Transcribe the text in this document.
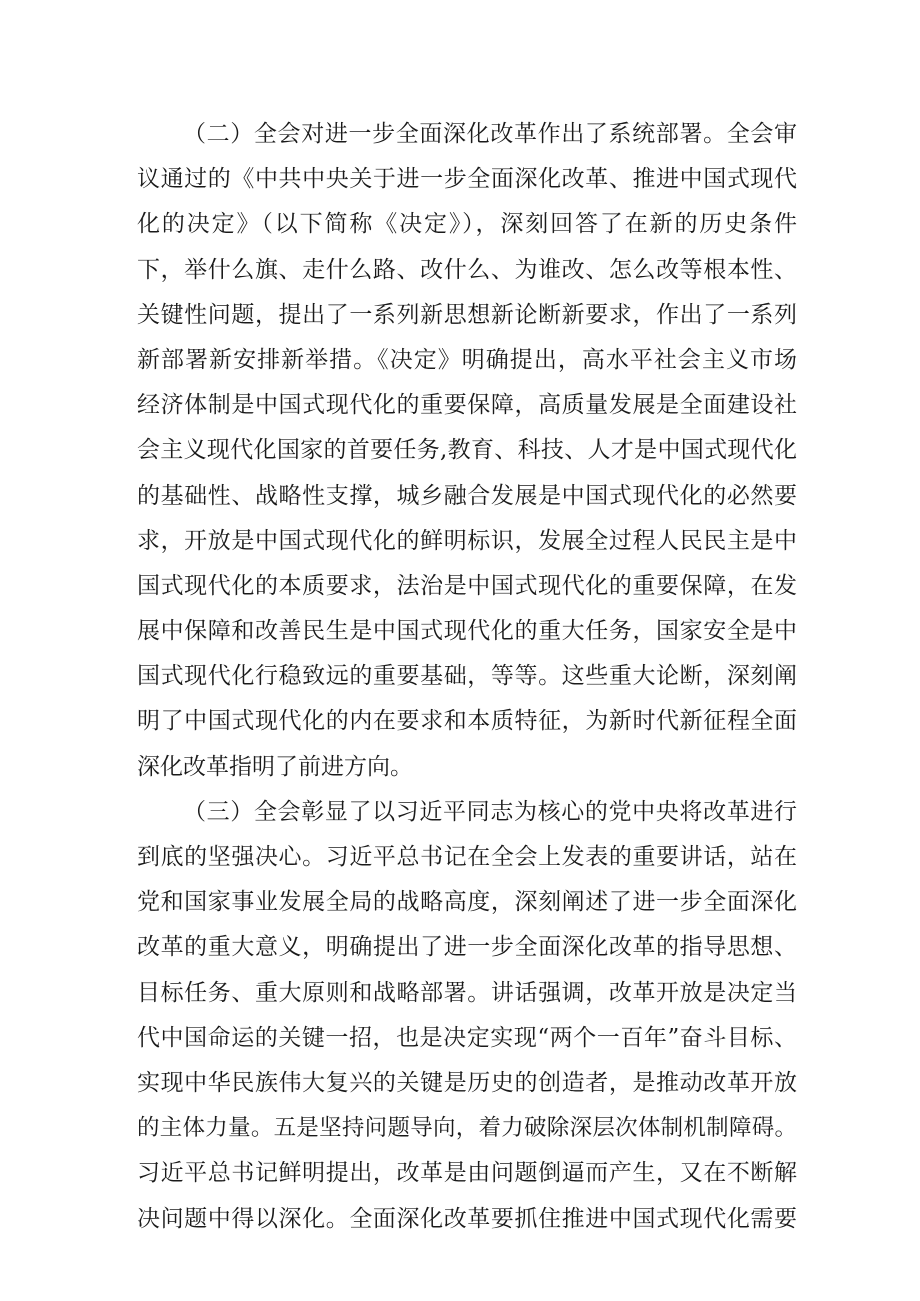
（二）全会对进一步全面深化改革作出了系统部署。全会审
议通过的《中共中央关于进一步全面深化改革、推进中国式现代
化的决定》（以下简称《决定》），深刻回答了在新的历史条件
下，举什么旗、走什么路、改什么、为谁改、怎么改等根本性、
关键性问题，提出了一系列新思想新论断新要求，作出了一系列
新部署新安排新举措。《决定》明确提出，高水平社会主义市场
经济体制是中国式现代化的重要保障，高质量发展是全面建设社
会主义现代化国家的首要任务,教育、科技、人才是中国式现代化
的基础性、战略性支撑，城乡融合发展是中国式现代化的必然要
求，开放是中国式现代化的鲜明标识，发展全过程人民民主是中
国式现代化的本质要求，法治是中国式现代化的重要保障，在发
展中保障和改善民生是中国式现代化的重大任务，国家安全是中
国式现代化行稳致远的重要基础，等等。这些重大论断，深刻阐
明了中国式现代化的内在要求和本质特征，为新时代新征程全面
深化改革指明了前进方向。
（三）全会彰显了以习近平同志为核心的党中央将改革进行
到底的坚强决心。习近平总书记在全会上发表的重要讲话，站在
党和国家事业发展全局的战略高度，深刻阐述了进一步全面深化
改革的重大意义，明确提出了进一步全面深化改革的指导思想、
目标任务、重大原则和战略部署。讲话强调，改革开放是决定当
代中国命运的关键一招，也是决定实现“两个一百年”奋斗目标、
实现中华民族伟大复兴的关键是历史的创造者，是推动改革开放
的主体力量。五是坚持问题导向，着力破除深层次体制机制障碍。
习近平总书记鲜明提出，改革是由问题倒逼而产生，又在不断解
决问题中得以深化。全面深化改革要抓住推进中国式现代化需要
